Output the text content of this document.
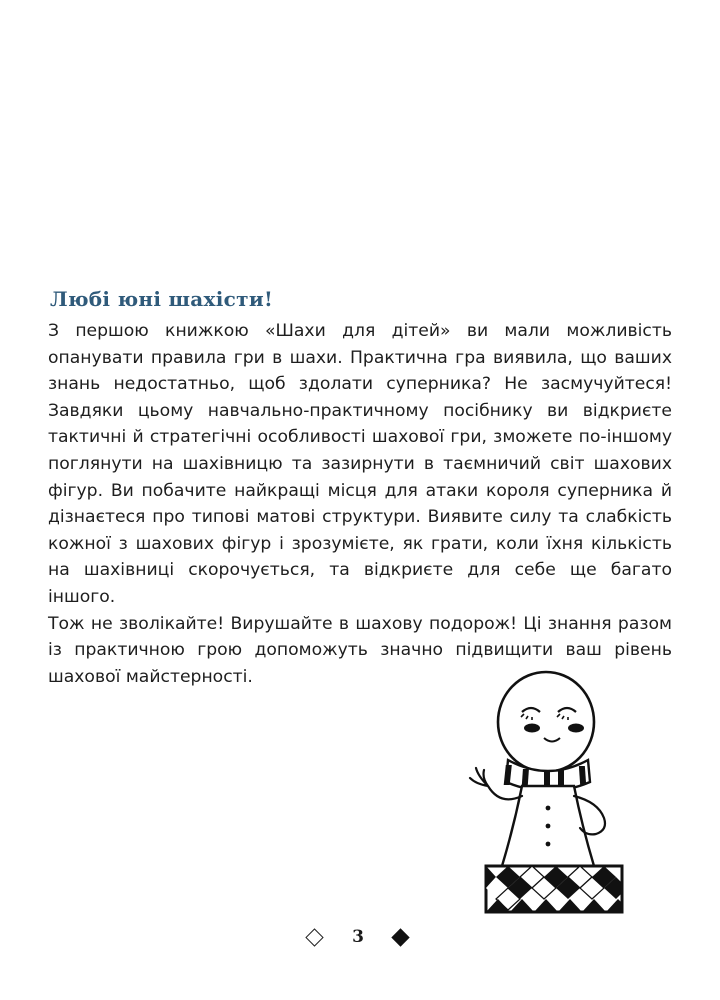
Любі юні шахісти!

З першою книжкою «Шахи для дітей» ви мали можливість опанувати правила гри в шахи. Практична гра виявила, що ваших знань недостатньо, щоб здолати суперника? Не засмучуйтеся! Завдяки цьому навчально-практичному посібнику ви відкриєте тактичні й стратегічні особливості шахової гри, зможете по-іншому поглянути на шахівницю та зазирнути в таємничий світ шахових фігур. Ви побачите найкращі місця для атаки короля суперника й дізнаєтеся про типові матові структури. Виявите силу та слабкість кожної з шахових фігур і зрозумієте, як грати, коли їхня кількість на шахівниці скорочується, та відкриєте для себе ще багато іншого.

Тож не зволікайте! Вирушайте в шахову подорож! Ці знання разом із практичною грою допоможуть значно підвищити ваш рівень шахової майстерності.

3
